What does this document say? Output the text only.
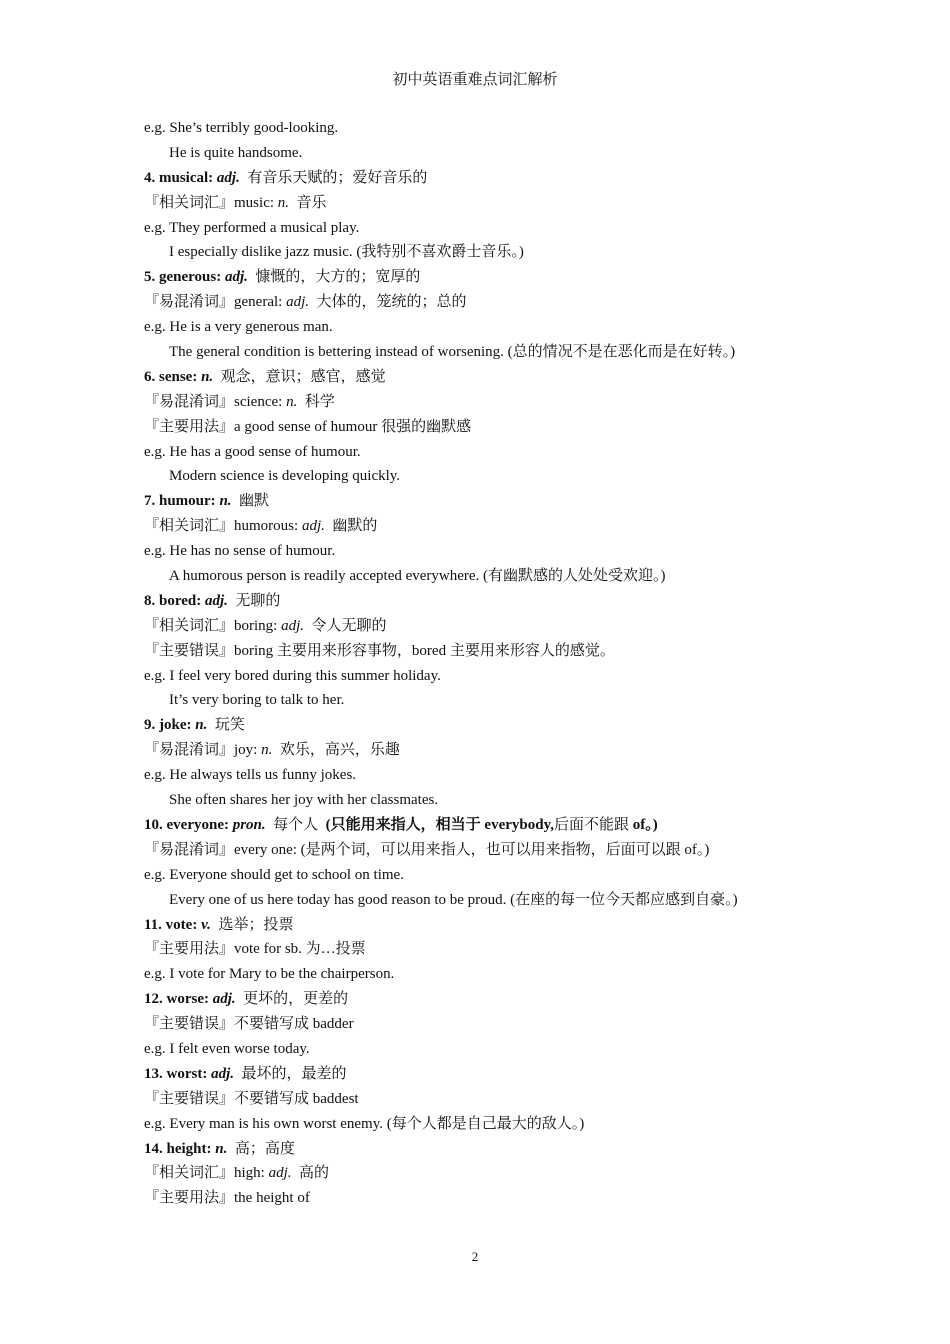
初中英语重难点词汇解析
e.g. She’s terribly good-looking.
He is quite handsome.
4. musical: adj. 有音乐天赋的；爱好音乐的
『相关词汇』music: n. 音乐
e.g. They performed a musical play.
I especially dislike jazz music. (我特别不喜欢爵士音乐。)
5. generous: adj. 慷慨的，大方的；宽厚的
『易混淆词』general: adj. 大体的，笼统的；总的
e.g. He is a very generous man.
The general condition is bettering instead of worsening. (总的情况不是在恶化而是在好转。)
6. sense: n. 观念，意识；感官，感觉
『易混淆词』science: n. 科学
『主要用法』a good sense of humour 很强的幽默感
e.g. He has a good sense of humour.
Modern science is developing quickly.
7. humour: n. 幽默
『相关词汇』humorous: adj. 幽默的
e.g. He has no sense of humour.
A humorous person is readily accepted everywhere. (有幽默感的人处处受欢迎。)
8. bored: adj. 无聊的
『相关词汇』boring: adj. 令人无聊的
『主要错误』boring 主要用来形容事物，bored 主要用来形容人的感觉。
e.g. I feel very bored during this summer holiday.
It’s very boring to talk to her.
9. joke: n. 玩笑
『易混淆词』joy: n. 欢乐，高兴，乐趣
e.g. He always tells us funny jokes.
She often shares her joy with her classmates.
10. everyone: pron. 每个人 (只能用来指人，相当于 everybody,后面不能跟 of。)
『易混淆词』every one: (是两个词，可以用来指人，也可以用来指物，后面可以跟 of。)
e.g. Everyone should get to school on time.
Every one of us here today has good reason to be proud. (在座的每一位今天都应感到自豪。)
11. vote: v. 选举；投票
『主要用法』vote for sb. 为…投票
e.g. I vote for Mary to be the chairperson.
12. worse: adj. 更坏的，更差的
『主要错误』不要错写成 badder
e.g. I felt even worse today.
13. worst: adj. 最坏的，最差的
『主要错误』不要错写成 baddest
e.g. Every man is his own worst enemy. (每个人都是自己最大的敌人。)
14. height: n. 高；高度
『相关词汇』high: adj. 高的
『主要用法』the height of
2
